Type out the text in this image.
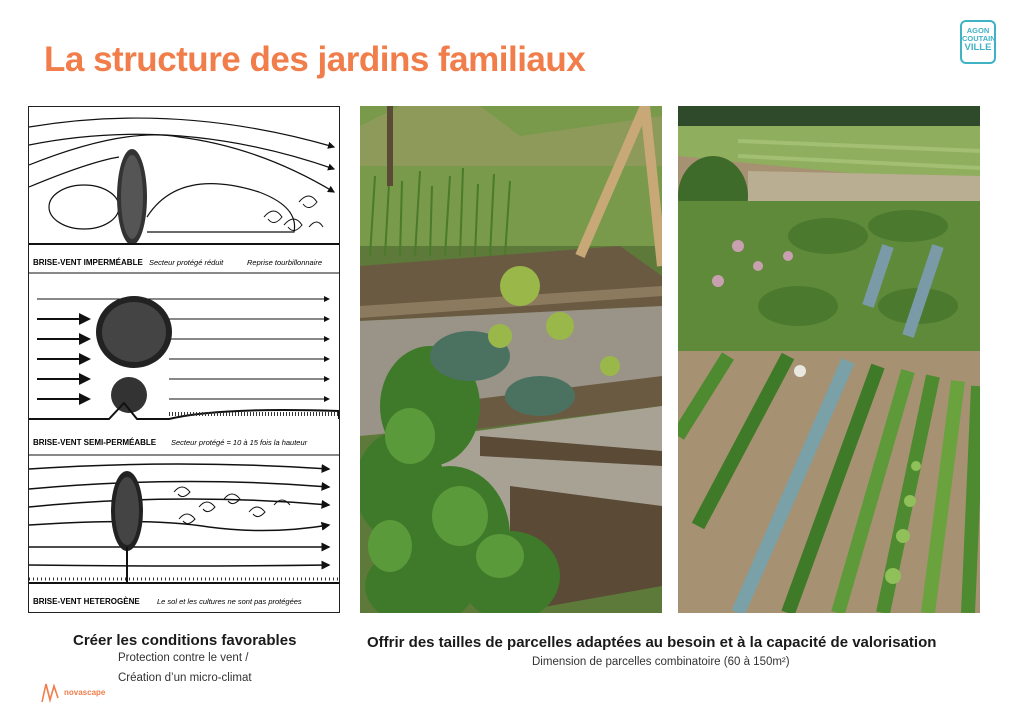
La structure des jardins familiaux
AGON
COUTAIN
VILLE
BRISE-VENT IMPERMÉABLE Secteur protégé réduit	Reprise tourbillonnaire
BRISE-VENT SEMI-PERMÉABLE Secteur protégé = 10 à 15 fois la hauteur
BRISE-VENT HETEROGÈNE Le sol et les cultures ne sont pas protégées

Créer les conditions favorables

Protection contre le vent /

Création d’un micro-climat

Offrir des tailles de parcelles adaptées au besoin et à la capacité de valorisation

Dimension de parcelles combinatoire (60 à 150m²)

novascape
